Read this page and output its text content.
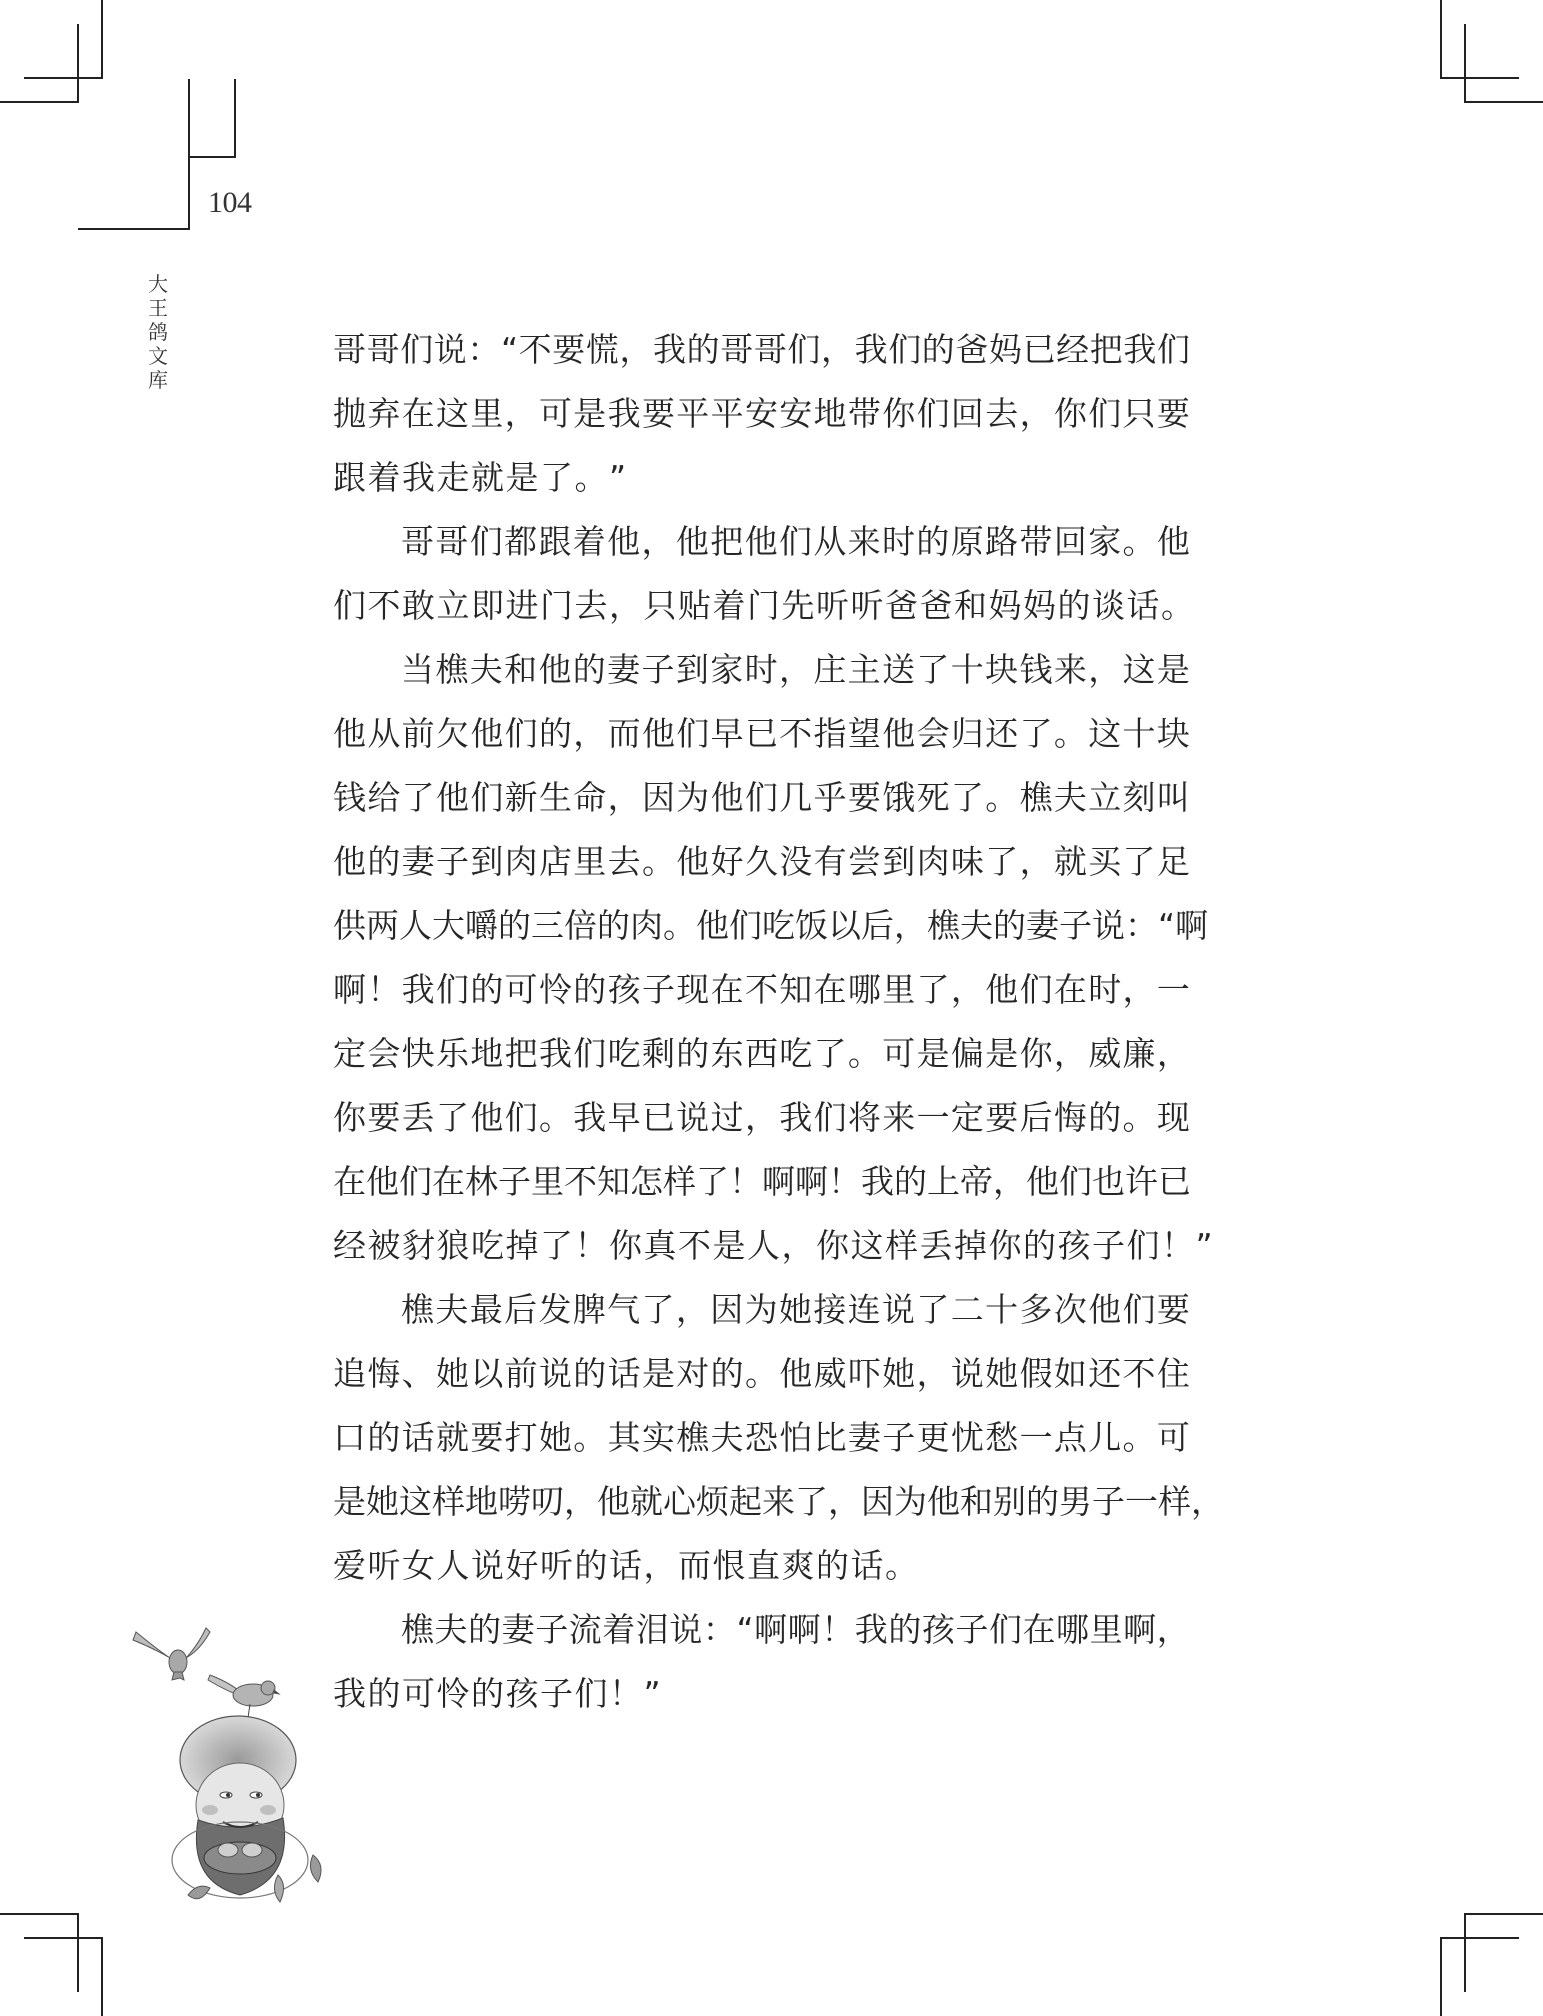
104
大
王
鸽
文
库
哥 哥 们 说 ： “ 不 要 慌 ， 我 的 哥 哥 们 ， 我 们 的 爸 妈 已 经 把 我 们
抛 弃 在 这 里 ， 可 是 我 要 平 平 安 安 地 带 你 们 回 去 ， 你 们 只 要
跟 着 我 走 就 是 了 。 ”
哥 哥 们 都 跟 着 他 ， 他 把 他 们 从 来 时 的 原 路 带 回 家 。 他
们 不 敢 立 即 进 门 去 ， 只 贴 着 门 先 听 听 爸 爸 和 妈 妈 的 谈 话 。
当 樵 夫 和 他 的 妻 子 到 家 时 ， 庄 主 送 了 十 块 钱 来 ， 这 是
他 从 前 欠 他 们 的 ， 而 他 们 早 已 不 指 望 他 会 归 还 了 。 这 十 块
钱 给 了 他 们 新 生 命 ， 因 为 他 们 几 乎 要 饿 死 了 。 樵 夫 立 刻 叫
他 的 妻 子 到 肉 店 里 去 。 他 好 久 没 有 尝 到 肉 味 了 ， 就 买 了 足
供 两 人 大 嚼 的 三 倍 的 肉 。 他 们 吃 饭 以 后 ， 樵 夫 的 妻 子 说 ： “ 啊
啊 ！ 我 们 的 可 怜 的 孩 子 现 在 不 知 在 哪 里 了 ， 他 们 在 时 ， 一
定 会 快 乐 地 把 我 们 吃 剩 的 东 西 吃 了 。 可 是 偏 是 你 ， 威 廉 ，
你 要 丢 了 他 们 。 我 早 已 说 过 ， 我 们 将 来 一 定 要 后 悔 的 。 现
在 他 们 在 林 子 里 不 知 怎 样 了 ！ 啊 啊 ！ 我 的 上 帝 ， 他 们 也 许 已
经 被 豺 狼 吃 掉 了 ！ 你 真 不 是 人 ， 你 这 样 丢 掉 你 的 孩 子 们 ！ ”
樵 夫 最 后 发 脾 气 了 ， 因 为 她 接 连 说 了 二 十 多 次 他 们 要
追 悔 、 她 以 前 说 的 话 是 对 的 。 他 威 吓 她 ， 说 她 假 如 还 不 住
口 的 话 就 要 打 她 。 其 实 樵 夫 恐 怕 比 妻 子 更 忧 愁 一 点 儿 。 可
是 她 这 样 地 唠 叨 ， 他 就 心 烦 起 来 了 ， 因 为 他 和 别 的 男 子 一 样 ，
爱 听 女 人 说 好 听 的 话 ， 而 恨 直 爽 的 话 。
樵 夫 的 妻 子 流 着 泪 说 ： “ 啊 啊 ！ 我 的 孩 子 们 在 哪 里 啊 ，
我 的 可 怜 的 孩 子 们 ！ ”
